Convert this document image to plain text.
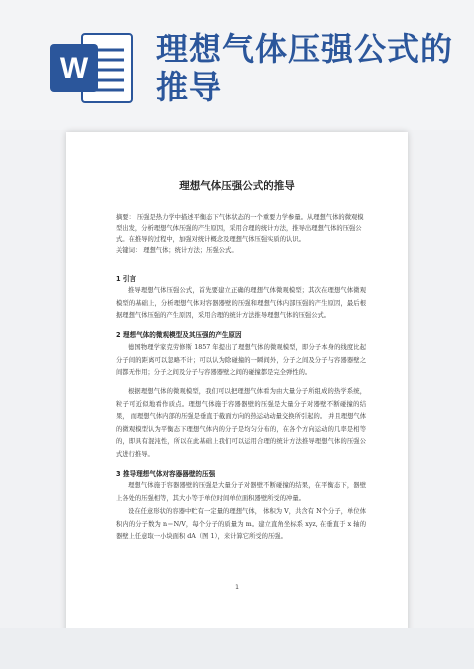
W
理想气体压强公式的推导
理想气体压强公式的推导
摘要： 压强是热力学中描述平衡态下气体状态的一个重要力学参量。从理想气体的微观模型出发，分析理想气体压强的产生原因，采用合理的统计方法，推导出理想气体的压强公式。在推导的过程中，加强对统计概念及理想气体压强实质的认识。
关键词： 理想气体；统计方法；压强公式。
1 引言
推导理想气体压强公式，首先要建立正确的理想气体微观模型；其次在理想气体微观模型的基础上，分析理想气体对容器器壁的压强和理想气体内部压强的产生原因，最后根据理想气体压强的产生原因，采用合理的统计方法推导理想气体的压强公式。
2 理想气体的微观模型及其压强的产生原因
德国物理学家克劳修斯 1857 年提出了理想气体的微观模型，即分子本身的线度比起分子间的距离可以忽略不计；可以认为除碰撞的一瞬间外，分子之间及分子与容器器壁之间都无作用；分子之间及分子与容器器壁之间的碰撞都是完全弹性的。
根据理想气体的微观模型，我们可以把理想气体看为由大量分子所组成的热学系统，粒子可近似地看作质点。理想气体施于容器器壁的压强是大量分子对器壁不断碰撞的结果， 而理想气体内部的压强是垂直于截面方向的热运动动量交换所引起的。 并且理想气体的微观模型认为平衡态下理想气体内的分子是均匀分布的，在各个方向运动的几率是相等的，即具有混沌性，所以在此基础上我们可以运用合理的统计方法推导理想气体的压强公式进行推导。
3 推导理想气体对容器器壁的压强
理想气体施于容器器壁的压强是大量分子对器壁不断碰撞的结果，在平衡态下，器壁上各处的压强相等，其大小等于单位时间单位面积器壁所受的冲量。
设在任意形状的容器中贮有一定量的理想气体， 体积为 V，共含有 N个分子，单位体积内的分子数为 n＝N/V，每个分子的质量为 m。建立直角坐标系 xyz, 在垂直于 x 轴的器壁上任意取一小块面积 dA（图 1），来计算它所受的压强。
1
